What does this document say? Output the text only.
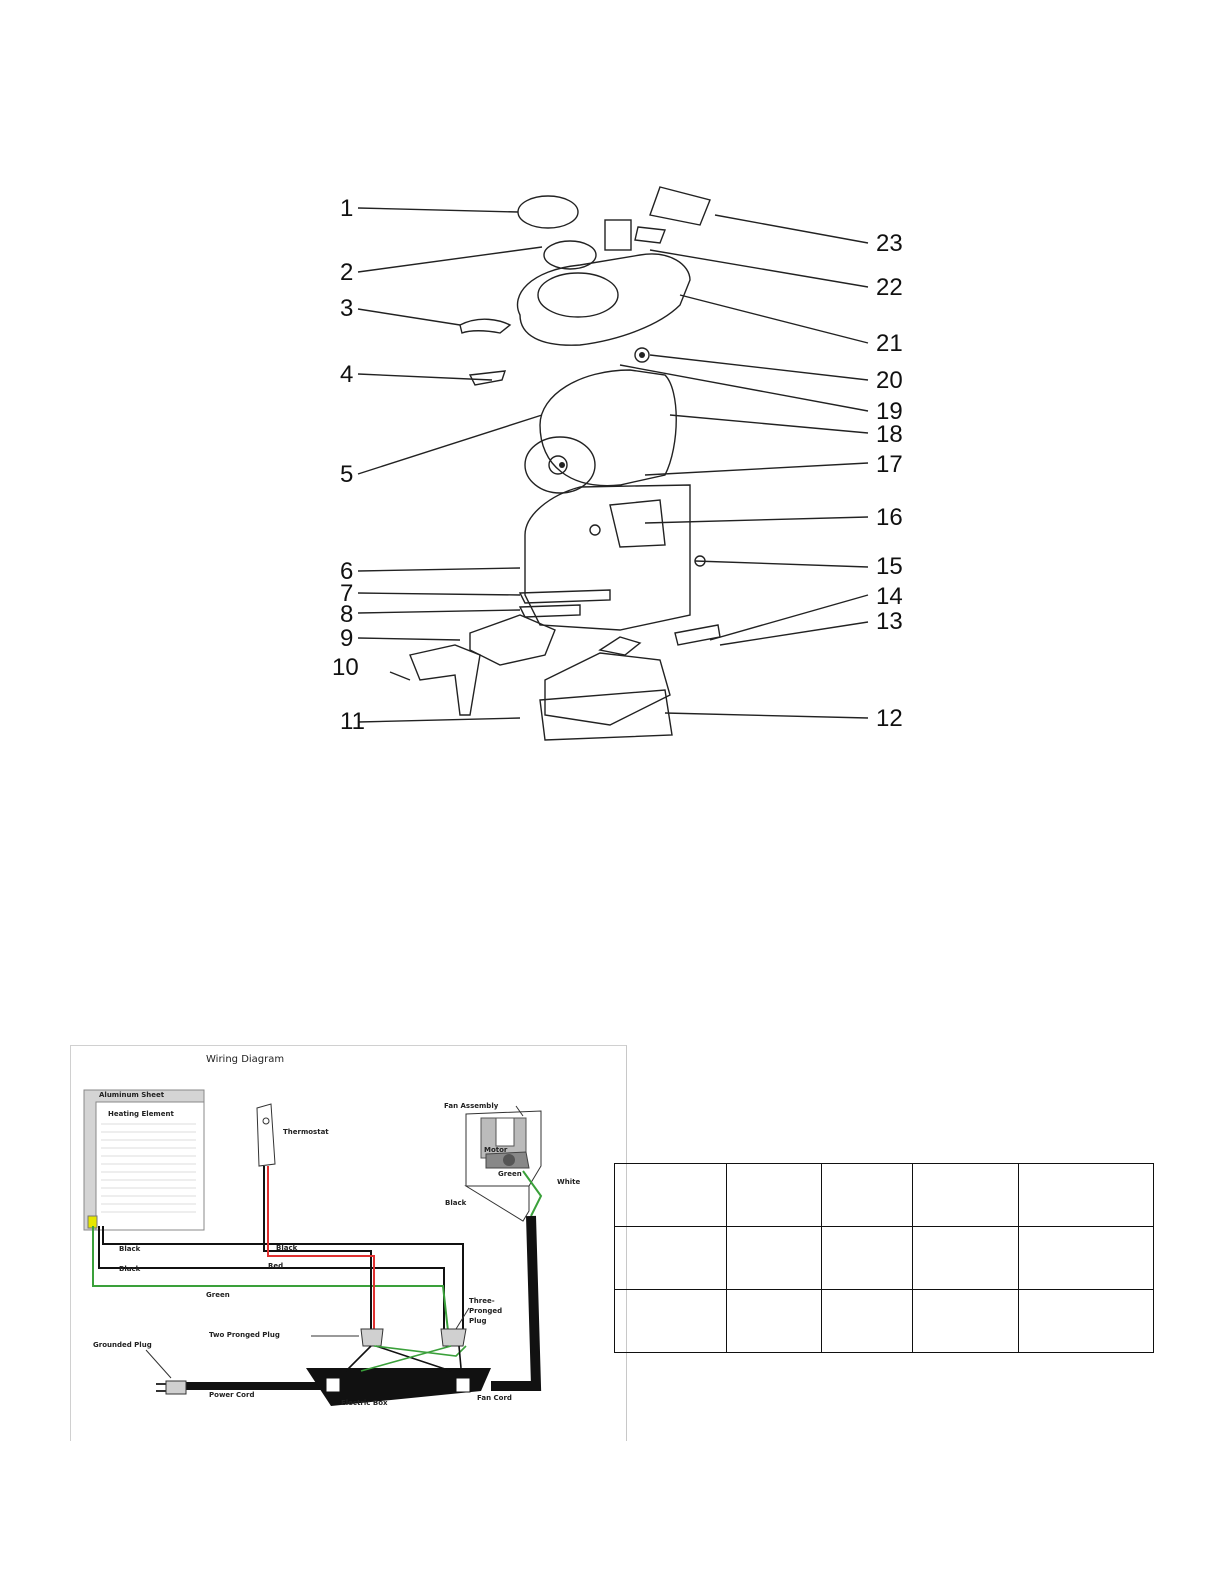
1
2
3
4
5
6
7
8
9
10
11	12
13
14
15
16
17
18
19
20
21
22
23
Wiring Diagram
Aluminum Sheet
Heating Element
Thermostat
Fan Assembly
Motor
Green
White
Black
Black	Black
Red
Black
Green
Three-
Pronged
Plug
Two Pronged Plug
Grounded Plug
Power Cord
Electric Box
Fan Cord
